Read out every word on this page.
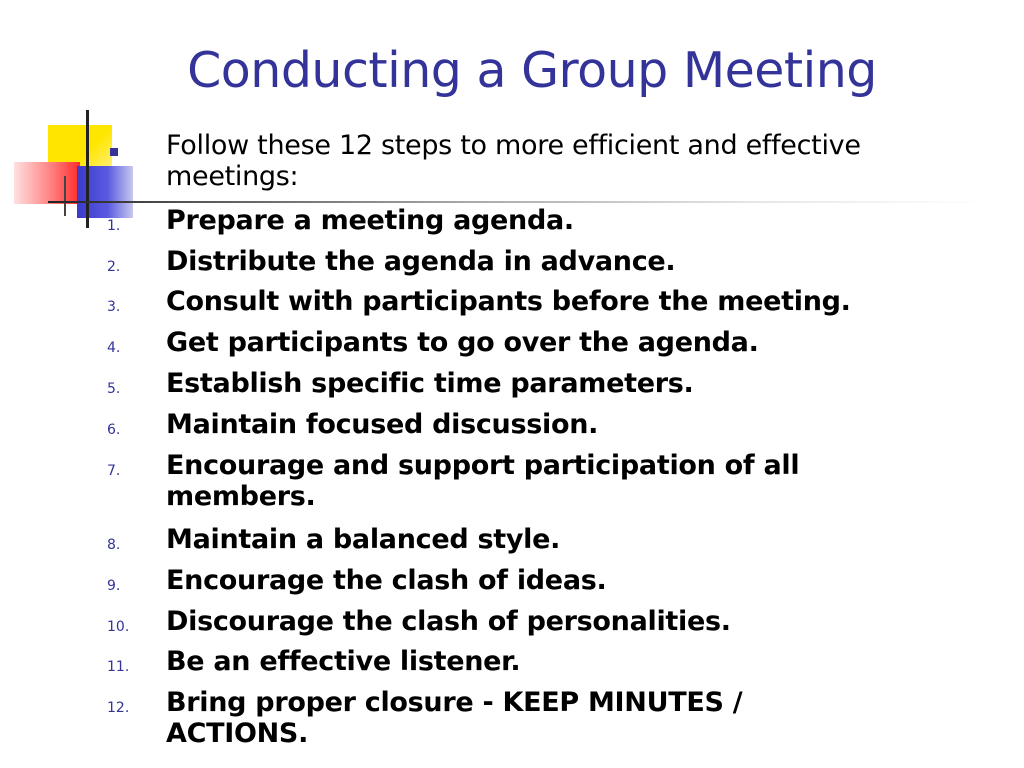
Conducting a Group Meeting
Follow these 12 steps to more efficient and effective meetings:
1. Prepare a meeting agenda.
2. Distribute the agenda in advance.
3. Consult with participants before the meeting.
4. Get participants to go over the agenda.
5. Establish specific time parameters.
6. Maintain focused discussion.
7. Encourage and support participation of all members.
8. Maintain a balanced style.
9. Encourage the clash of ideas.
10. Discourage the clash of personalities.
11. Be an effective listener.
12. Bring proper closure - KEEP MINUTES / ACTIONS.
